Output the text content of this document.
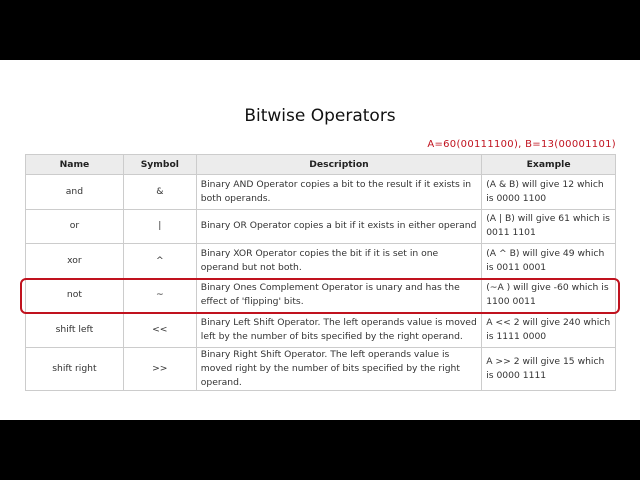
Bitwise Operators
A=60(00111100), B=13(00001101)
Name	Symbol	Description	Example
and	&	Binary AND Operator copies a bit to the result if it exists in both operands.	(A & B) will give 12 which is 0000 1100
or	|	Binary OR Operator copies a bit if it exists in either operand	(A | B) will give 61 which is 0011 1101
xor	^	Binary XOR Operator copies the bit if it is set in one operand but not both.	(A ^ B) will give 49 which is 0011 0001
not	~	Binary Ones Complement Operator is unary and has the effect of 'flipping' bits.	(~A ) will give -60 which is 1100 0011
shift left	<<	Binary Left Shift Operator. The left operands value is moved left by the number of bits specified by the right operand.	A << 2 will give 240 which is 1111 0000
shift right	>>	Binary Right Shift Operator. The left operands value is moved right by the number of bits specified by the right operand.	A >> 2 will give 15 which is 0000 1111
